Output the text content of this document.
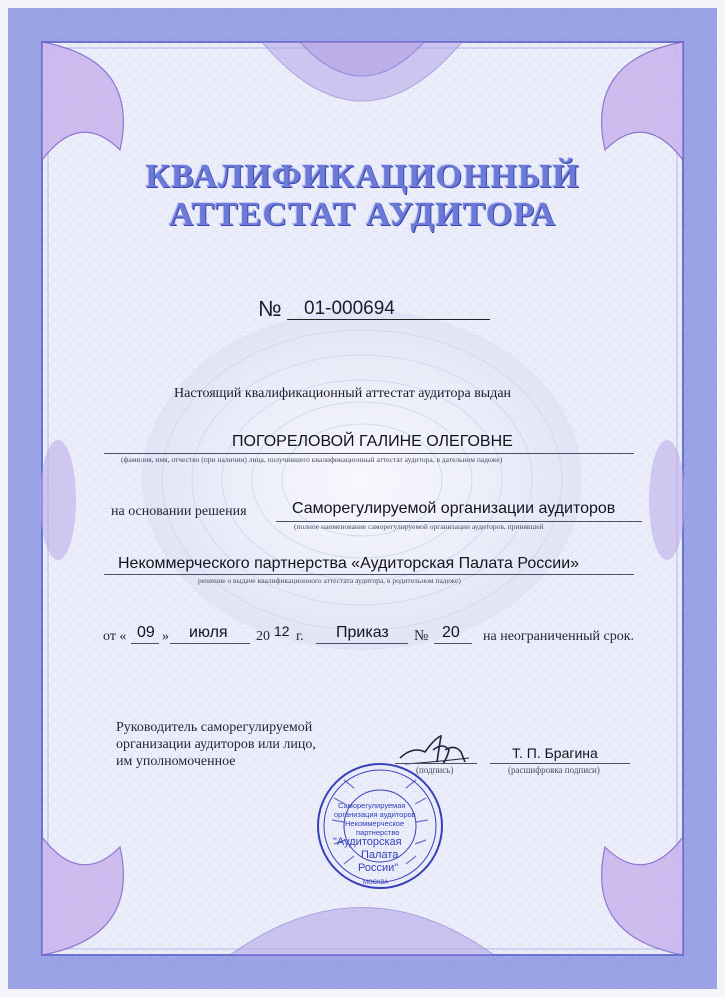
КВАЛИФИКАЦИОННЫЙ
АТТЕСТАТ АУДИТОРА
№ 01-000694
Настоящий квалификационный аттестат аудитора выдан
ПОГОРЕЛОВОЙ ГАЛИНЕ ОЛЕГОВНЕ
(фамилия, имя, отчество (при наличии) лица, получившего квалификационный аттестат аудитора, в дательном падеже)
на основании решения	Саморегулируемой организации аудиторов
(полное наименование саморегулируемой организации аудиторов, принявшей
Некоммерческого партнерства «Аудиторская Палата России»
решение о выдаче квалификационного аттестата аудитора, в родительном падеже)
от « 09 » июля 20 12 г. Приказ № 20 на неограниченный срок.
Руководитель саморегулируемой
организации аудиторов или лицо,
им уполномоченное
(подпись)
Т. П. Брагина
(расшифровка подписи)
Саморегулируемая
организация аудиторов
Некоммерческое
партнерство
"Аудиторская
Палата
России"
МОСКВА
